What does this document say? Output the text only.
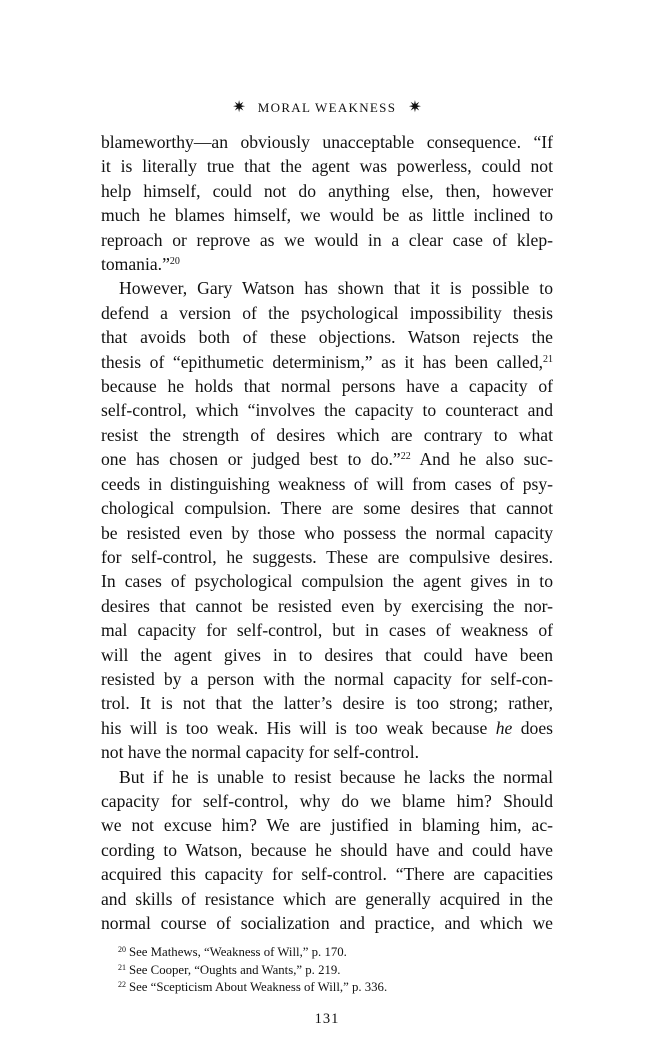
✷ MORAL WEAKNESS ✷
blameworthy—an obviously unacceptable consequence. “If
it is literally true that the agent was powerless, could not
help himself, could not do anything else, then, however
much he blames himself, we would be as little inclined to
reproach or reprove as we would in a clear case of klep-
tomania.”$^{20}$
However, Gary Watson has shown that it is possible to
defend a version of the psychological impossibility thesis
that avoids both of these objections. Watson rejects the
thesis of “epithumetic determinism,” as it has been called,$^{21}$
because he holds that normal persons have a capacity of
self-control, which “involves the capacity to counteract and
resist the strength of desires which are contrary to what
one has chosen or judged best to do.”$^{22}$ And he also suc-
ceeds in distinguishing weakness of will from cases of psy-
chological compulsion. There are some desires that cannot
be resisted even by those who possess the normal capacity
for self-control, he suggests. These are compulsive desires.
In cases of psychological compulsion the agent gives in to
desires that cannot be resisted even by exercising the nor-
mal capacity for self-control, but in cases of weakness of
will the agent gives in to desires that could have been
resisted by a person with the normal capacity for self-con-
trol. It is not that the latter’s desire is too strong; rather,
his will is too weak. His will is too weak because he does
not have the normal capacity for self-control.
But if he is unable to resist because he lacks the normal
capacity for self-control, why do we blame him? Should
we not excuse him? We are justified in blaming him, ac-
cording to Watson, because he should have and could have
acquired this capacity for self-control. “There are capacities
and skills of resistance which are generally acquired in the
normal course of socialization and practice, and which we
$^{20}$ See Mathews, “Weakness of Will,” p. 170.
$^{21}$ See Cooper, “Oughts and Wants,” p. 219.
$^{22}$ See “Scepticism About Weakness of Will,” p. 336.
131
